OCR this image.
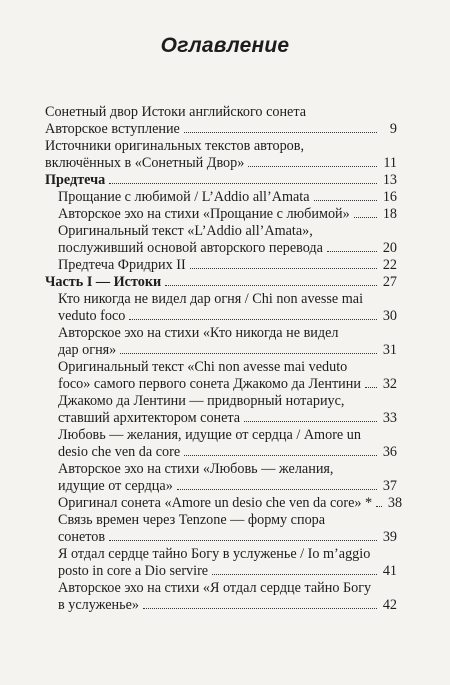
Оглавление
Сонетный двор Истоки английского сонета
Авторское вступление	9
Источники оригинальных текстов авторов,
включённых в «Сонетный Двор»	11
Предтеча	13
Прощание с любимой / L’Addio all’Amata	16
Авторское эхо на стихи «Прощание с любимой» 18
Оригинальный текст «L’Addio all’Amata»,
послуживший основой авторского перевода	20
Предтеча Фридрих II	22
Часть I — Истоки	27
Кто никогда не видел дар огня / Chi non avesse mai
veduto foco	30
Авторское эхо на стихи «Кто никогда не видел
дар огня»	31
Оригинальный текст «Chi non avesse mai veduto
foco» самого первого сонета Джакомо да Лентини 32
Джакомо да Лентини — придворный нотариус,
ставший архитектором сонета	33
Любовь — желания, идущие от сердца / Amore un
desio che ven da core	36
Авторское эхо на стихи «Любовь — желания,
идущие от сердца»	37
Оригинал сонета «Amore un desio che ven da core» * 38
Связь времен через Tenzone — форму спора
сонетов	39
Я отдал сердце тайно Богу в услуженье / Io m’aggio
posto in core a Dio servire	41
Авторское эхо на стихи «Я отдал сердце тайно Богу
в услуженье»	42
